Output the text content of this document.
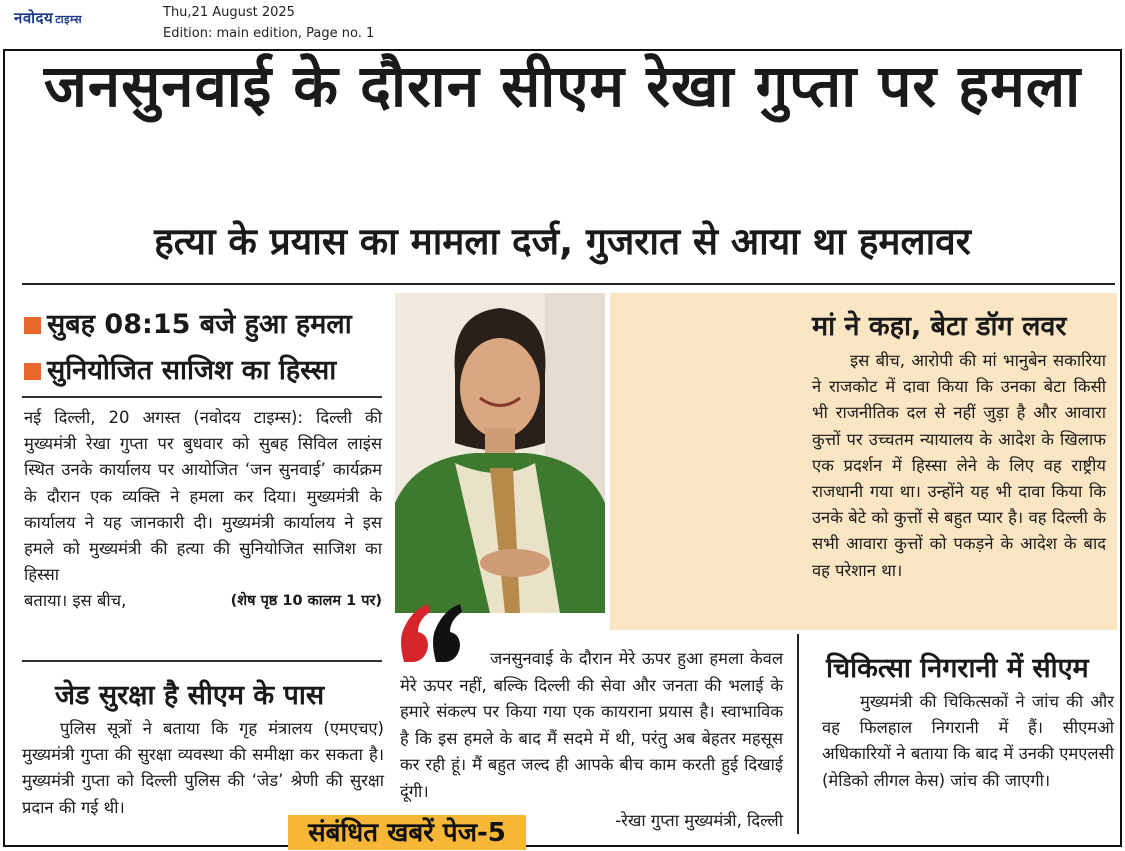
नवोदय टाइम्स	Thu,21 August 2025
Edition: main edition, Page no. 1
जनसुनवाई के दौरान सीएम रेखा गुप्ता पर हमला
हत्या के प्रयास का मामला दर्ज, गुजरात से आया था हमलावर
सुबह 08:15 बजे हुआ हमला
सुनियोजित साजिश का हिस्सा

नई दिल्ली, 20 अगस्त (नवोदय टाइम्स): दिल्ली की मुख्यमंत्री रेखा गुप्ता पर बुधवार को सुबह सिविल लाइंस स्थित उनके कार्यालय पर आयोजित ‘जन सुनवाई’ कार्यक्रम के दौरान एक व्यक्ति ने हमला कर दिया। मुख्यमंत्री के कार्यालय ने यह जानकारी दी। मुख्यमंत्री कार्यालय ने इस हमले को मुख्यमंत्री की हत्या की सुनियोजित साजिश का हिस्सा

बताया। इस बीच,	(शेष पृष्ठ 10 कालम 1 पर)
जेड सुरक्षा है सीएम के पास

पुलिस सूत्रों ने बताया कि गृह मंत्रालय (एमएचए) मुख्यमंत्री गुप्ता की सुरक्षा व्यवस्था की समीक्षा कर सकता है। मुख्यमंत्री गुप्ता को दिल्ली पुलिस की ‘जेड’ श्रेणी की सुरक्षा प्रदान की गई थी।

मां ने कहा, बेटा डॉग लवर

इस बीच, आरोपी की मां भानुबेन सकारिया ने राजकोट में दावा किया कि उनका बेटा किसी भी राजनीतिक दल से नहीं जुड़ा है और आवारा कुत्तों पर उच्चतम न्यायालय के आदेश के खिलाफ एक प्रदर्शन में हिस्सा लेने के लिए वह राष्ट्रीय राजधानी गया था। उन्होंने यह भी दावा किया कि उनके बेटे को कुत्तों से बहुत प्यार है। वह दिल्ली के सभी आवारा कुत्तों को पकड़ने के आदेश के बाद वह परेशान था।

जनसुनवाई के दौरान मेरे ऊपर हुआ हमला केवल मेरे ऊपर नहीं, बल्कि दिल्ली की सेवा और जनता की भलाई के हमारे संकल्प पर किया गया एक कायराना प्रयास है। स्वाभाविक है कि इस हमले के बाद मैं सदमे में थी, परंतु अब बेहतर महसूस कर रही हूं। मैं बहुत जल्द ही आपके बीच काम करती हुई दिखाई दूंगी।

-रेखा गुप्ता मुख्यमंत्री, दिल्ली
चिकित्सा निगरानी में सीएम

मुख्यमंत्री की चिकित्सकों ने जांच की और वह फिलहाल निगरानी में हैं। सीएमओ अधिकारियों ने बताया कि बाद में उनकी एमएलसी (मेडिको लीगल केस) जांच की जाएगी।

संबंधित खबरें पेज-5
